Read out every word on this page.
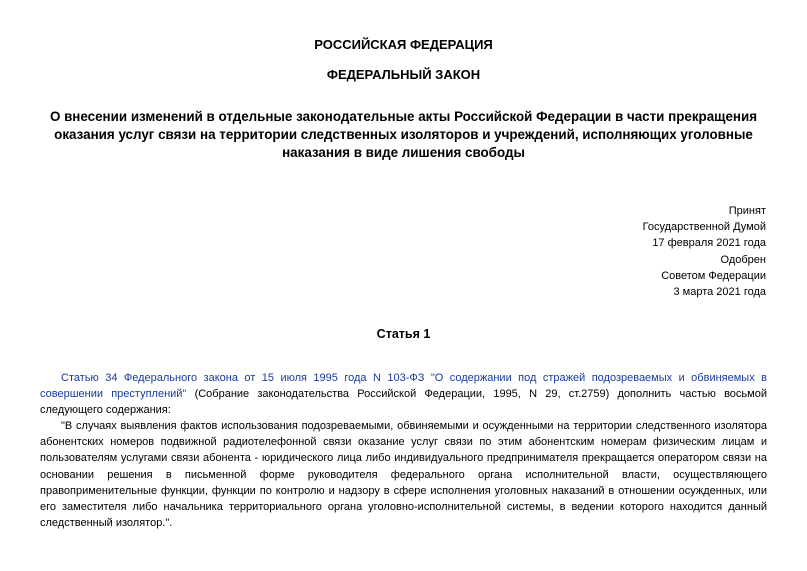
РОССИЙСКАЯ ФЕДЕРАЦИЯ
ФЕДЕРАЛЬНЫЙ ЗАКОН
О внесении изменений в отдельные законодательные акты Российской Федерации в части прекращения оказания услуг связи на территории следственных изоляторов и учреждений, исполняющих уголовные наказания в виде лишения свободы
Принят
Государственной Думой
17 февраля 2021 года
Одобрен
Советом Федерации
3 марта 2021 года
Статья 1
Статью 34 Федерального закона от 15 июля 1995 года N 103-ФЗ "О содержании под стражей подозреваемых и обвиняемых в совершении преступлений" (Собрание законодательства Российской Федерации, 1995, N 29, ст.2759) дополнить частью восьмой следующего содержания:
"В случаях выявления фактов использования подозреваемыми, обвиняемыми и осужденными на территории следственного изолятора абонентских номеров подвижной радиотелефонной связи оказание услуг связи по этим абонентским номерам физическим лицам и пользователям услугами связи абонента - юридического лица либо индивидуального предпринимателя прекращается оператором связи на основании решения в письменной форме руководителя федерального органа исполнительной власти, осуществляющего правоприменительные функции, функции по контролю и надзору в сфере исполнения уголовных наказаний в отношении осужденных, или его заместителя либо начальника территориального органа уголовно-исполнительной системы, в ведении которого находится данный следственный изолятор.".
